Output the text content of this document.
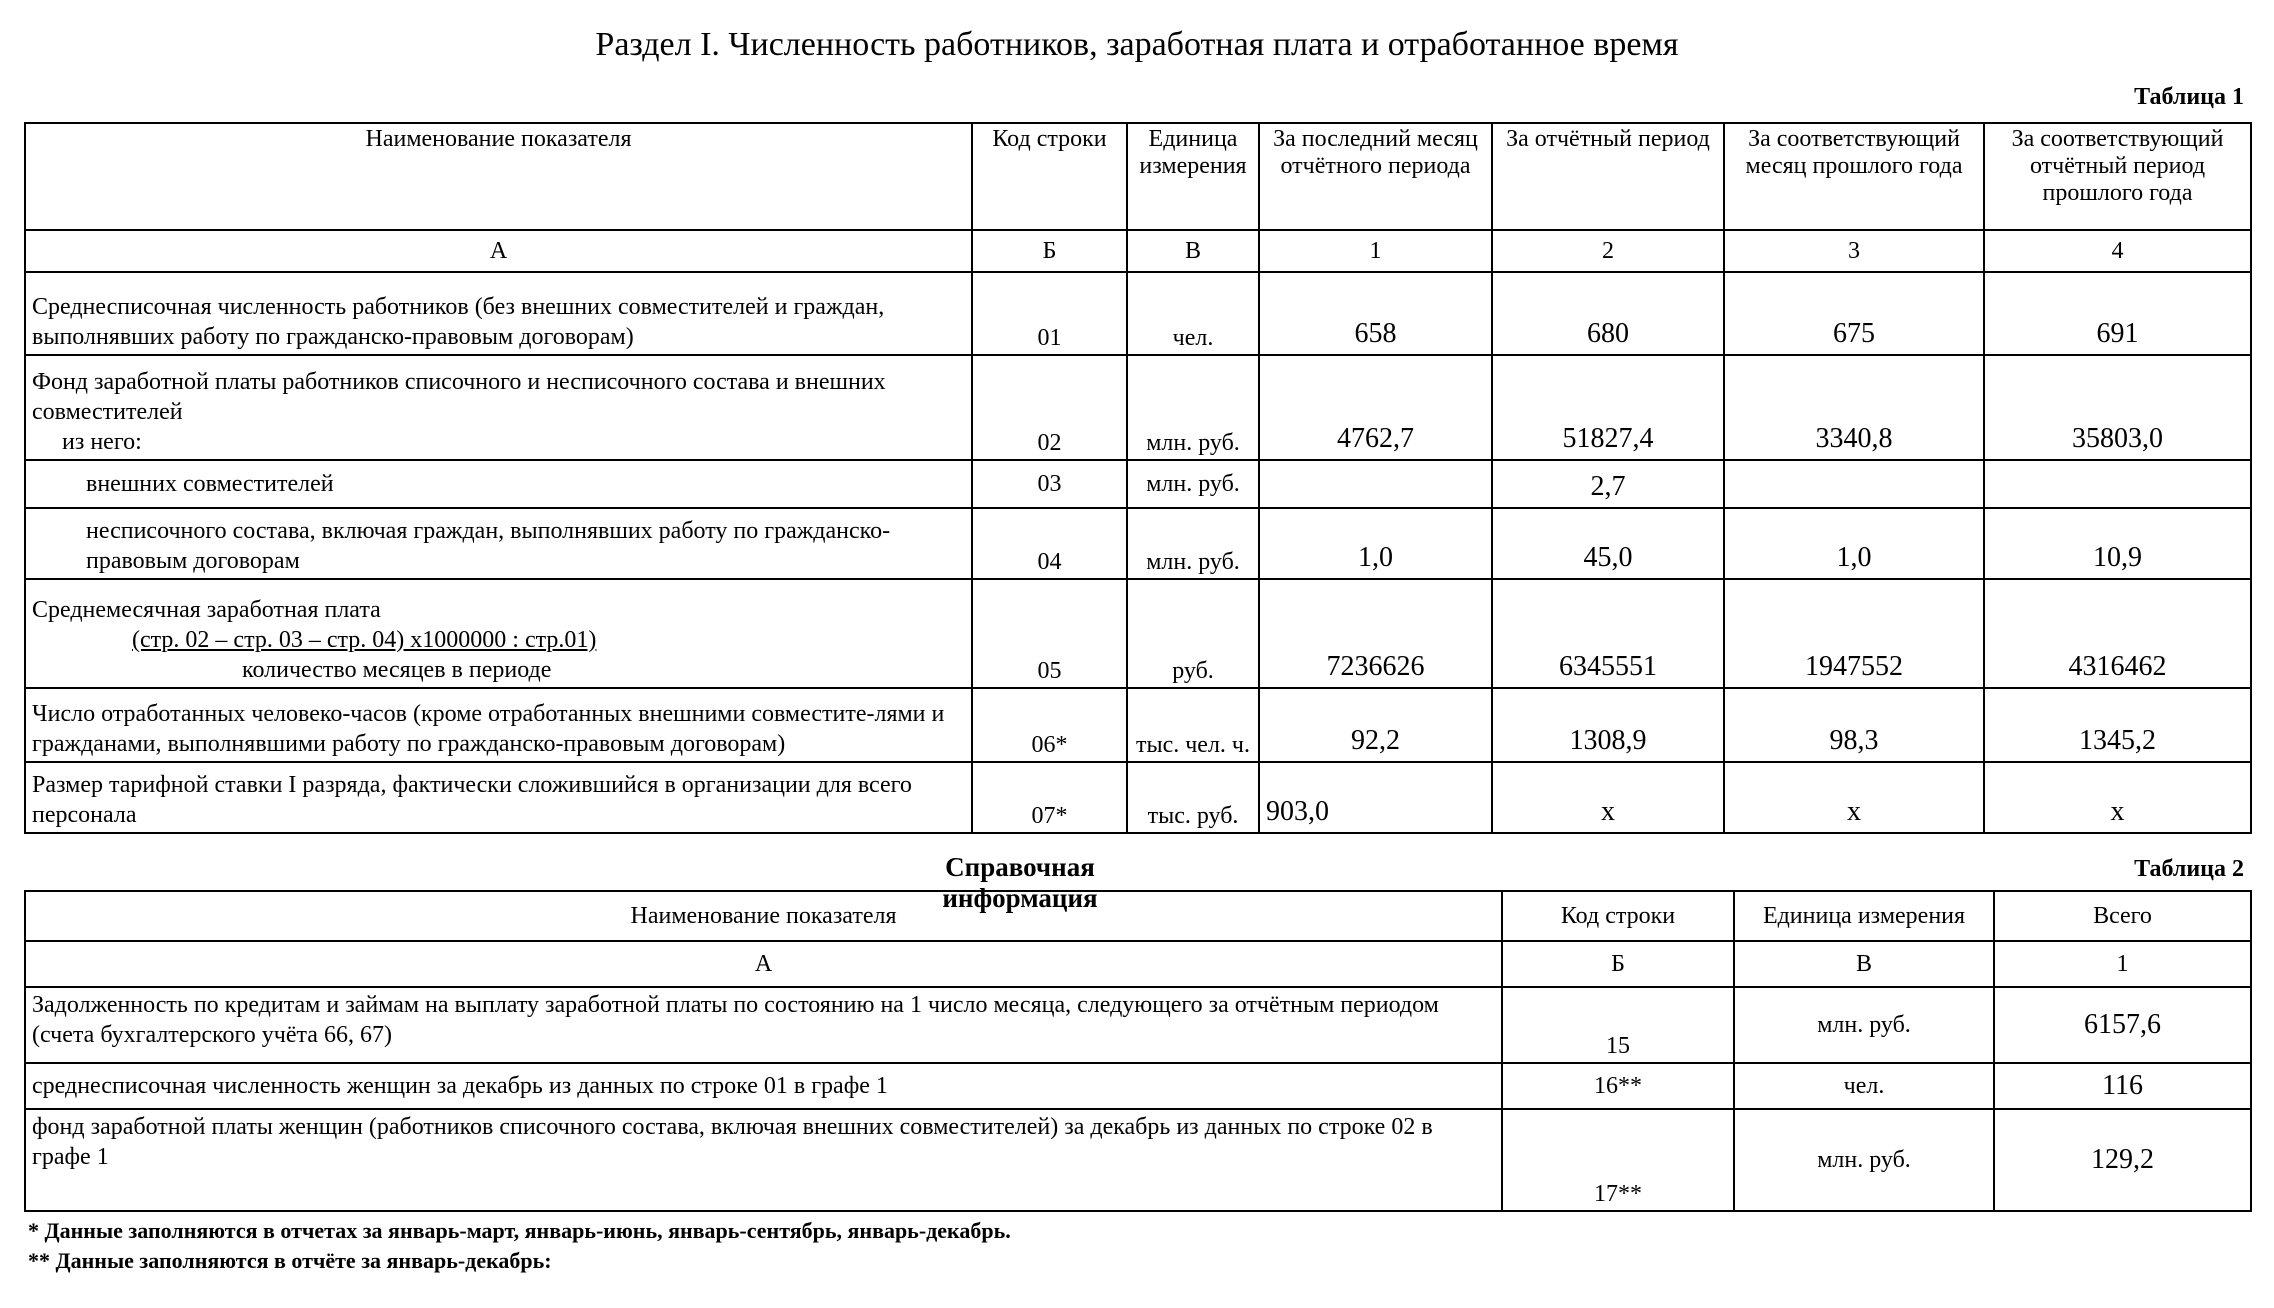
Раздел I. Численность работников, заработная плата и отработанное время
Таблица 1
Наименование показателя	Код строки	Единица измерения	За последний месяц отчётного периода	За отчётный период	За соответствующий месяц прошлого года	За соответствующий отчётный период прошлого года
А	Б	В	1	2	3	4
Среднесписочная численность работников (без внешних совместителей и граждан, выполнявших работу по гражданско-правовым договорам)	01	чел.	658	680	675	691

Фонд заработной платы работников списочного и несписочного состава и внешних совместителей
из него:	02	млн. руб.	4762,7	51827,4	3340,8	35803,0
внешних совместителей	03	млн. руб.		2,7		
несписочного состава, включая граждан, выполнявших работу по гражданско-правовым договорам	04	млн. руб.	1,0	45,0	1,0	10,9

Среднемесячная заработная плата
(стр. 02 – стр. 03 – стр. 04) х1000000 : стр.01)
количество месяцев в периоде	05	руб.	7236626	6345551	1947552	4316462
Число отработанных человеко-часов (кроме отработанных внешними совместите-лями и гражданами, выполнявшими работу по гражданско-правовым договорам)	06*	тыс. чел. ч.	92,2	1308,9	98,3	1345,2
Размер тарифной ставки I разряда, фактически сложившийся в организации для всего персонала	07*	тыс. руб.	903,0	х	х	х
Справочная информация
Таблица 2
Наименование показателя	Код строки	Единица измерения	Всего
А	Б	В	1
Задолженность по кредитам и займам на выплату заработной платы по состоянию на 1 число месяца, следующего за отчётным периодом (счета бухгалтерского учёта 66, 67)	15	млн. руб.	6157,6
среднесписочная численность женщин за декабрь из данных по строке 01 в графе 1	16**	чел.	116
фонд заработной платы женщин (работников списочного состава, включая внешних совместителей) за декабрь из данных по строке 02 в графе 1	17**	млн. руб.	129,2
* Данные заполняются в отчетах за январь-март, январь-июнь, январь-сентябрь, январь-декабрь.
** Данные заполняются в отчёте за январь-декабрь:
